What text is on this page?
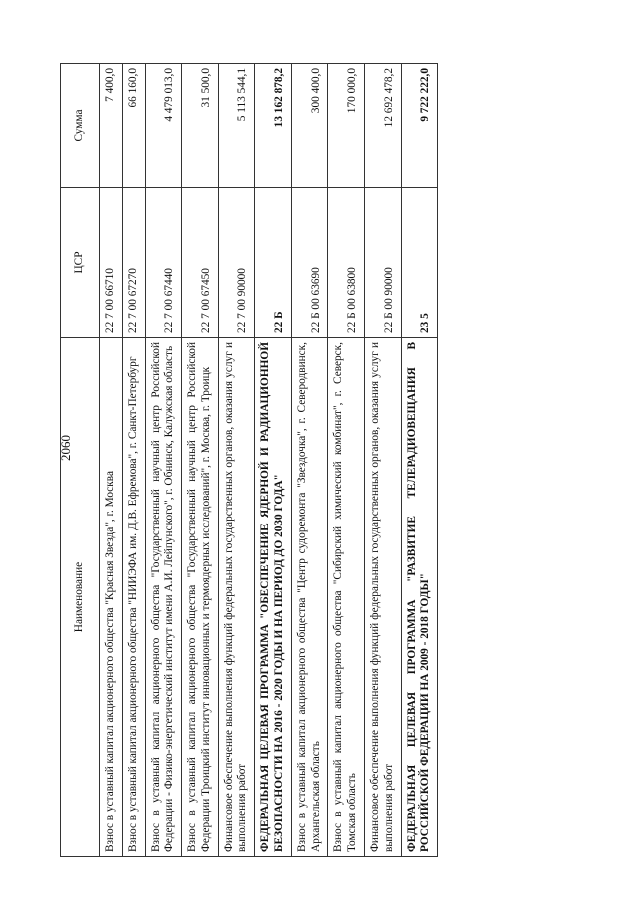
2060
Наименование	ЦСР	Сумма
Взнос в уставный капитал акционерного общества "Красная Звезда", г. Москва	22 7 00 66710	7 400,0
Взнос в уставный капитал акционерного общества "НИИЭФА им. Д.В. Ефремова", г. Санкт-Петербург	22 7 00 67270	66 160,0
Взнос в уставный капитал акционерного общества "Государственный научный центр Российской Федерации - Физико-энергетический институт имени А.И. Лейпунского", г. Обнинск, Калужская область	22 7 00 67440	4 479 013,0
Взнос в уставный капитал акционерного общества "Государственный научный центр Российской Федерации Троицкий институт инновационных и термоядерных исследований", г. Москва, г. Троицк	22 7 00 67450	31 500,0
Финансовое обеспечение выполнения функций федеральных государственных органов, оказания услуг и выполнения работ	22 7 00 90000	5 113 544,1
ФЕДЕРАЛЬНАЯ ЦЕЛЕВАЯ ПРОГРАММА "ОБЕСПЕЧЕНИЕ ЯДЕРНОЙ И РАДИАЦИОННОЙ БЕЗОПАСНОСТИ НА 2016 - 2020 ГОДЫ И НА ПЕРИОД ДО 2030 ГОДА"	22 Б	13 162 878,2
Взнос в уставный капитал акционерного общества "Центр судоремонта "Звездочка", г. Северодвинск, Архангельская область	22 Б 00 63690	300 400,0
Взнос в уставный капитал акционерного общества "Сибирский химический комбинат", г. Северск, Томская область	22 Б 00 63800	170 000,0
Финансовое обеспечение выполнения функций федеральных государственных органов, оказания услуг и выполнения работ	22 Б 00 90000	12 692 478,2
ФЕДЕРАЛЬНАЯ ЦЕЛЕВАЯ ПРОГРАММА "РАЗВИТИЕ ТЕЛЕРАДИОВЕЩАНИЯ В РОССИЙСКОЙ ФЕДЕРАЦИИ НА 2009 - 2018 ГОДЫ"	23 5	9 722 222,0
